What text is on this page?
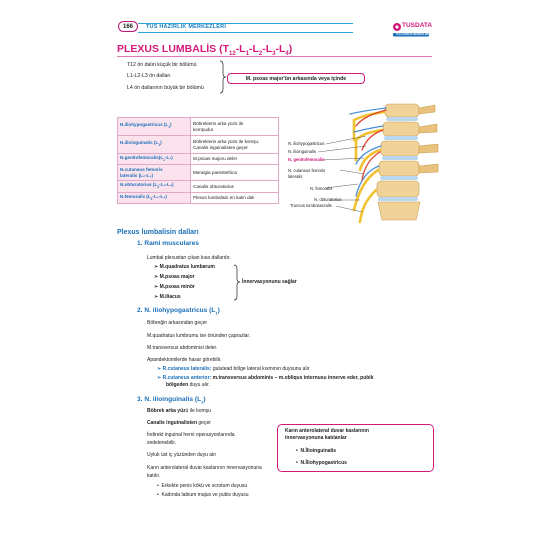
166	TUS HAZIRLIK MERKEZLERİ	TUSDATA
TUS HAZIRLIK MERKEZLERİ
PLEXUS LUMBALİS $(T_{12}-L_1-L_2-L_3-L_4)$
T12 ön dalın küçük bir bölümü
L1-L2-L3 ön dalları
L4 ön dallarının büyük bir bölümü
M. psoas major'ün arkasında veya içinde
N.iliohypogastricus $(L_1)$	Böbreklerin arka yüzü ile
komşudur.

N.ilioinguinalis $(L_1)$	Böbreklerin arka yüzü ile komşu.
Canalis inguinalisten geçer

$N.genitofemoralis(L_1-L_2)$	M.psoas majoru deler

N.cutaneus femoris
lateralis (L₂-L₃)	Meralgia parestethica

N.obturatorius $(L_2-L_3-L_4)$	Canalis obturatorius

N.femoralis $(L_2-L_3-L_4)$	Plexus lumbalisin en kalın dalı
N. iliohypogastricus
N. ilioinguinalis
N. genitofemoralis
N. cutaneus femoris
lateralis
N. femoralis
N. obturatorius
Truncus lumbosacralis
Plexus lumbalisin dalları
1. Rami musculares
Lumbal plexustan çıkan kısa dallardır.
➢ M.quadratus lumbarum
➢ M.psoas major
➢ M.psoas minör
➢ M.iliacus
İnnervasyonunu sağlar
2. N. iliohypogastricus $(L_1)$
Böbreğin arkasından geçer
M.quadratus lumbrumu ise önünden çaprazlar.
M.transversus abdominisi deler.
Apandektomilerde hasar görebilir.
➢ R.cutaneus lateralis: gulutead bölge lateral kısmının duysunu alır
➢ R.cutaneus anterior: m.transversus abdominis – m.obliqus internusu innerve eder, pubik
bölgeden duyu alır.
3. N. ilioinguinalis $(L_1)$
Böbrek arka yüzü ile komşu
Canalis inguinalisten geçer
İndirekt inguinal herni operasyonlarında
zedelenebilir.
Uyluk üst iç yüzünden duyu alır
Karın anterolateral duvar kaslarının innervasyonuna
katılır.
•  Erkekte penis kökü ve scrotum duyusu
•  Kadında labium majus ve pubis duyusu
Karın anterolateral duvar kaslarının
innervasyonuna katılanlar
•  N.İlioinguinalis
•  N.İliohypogastricus
